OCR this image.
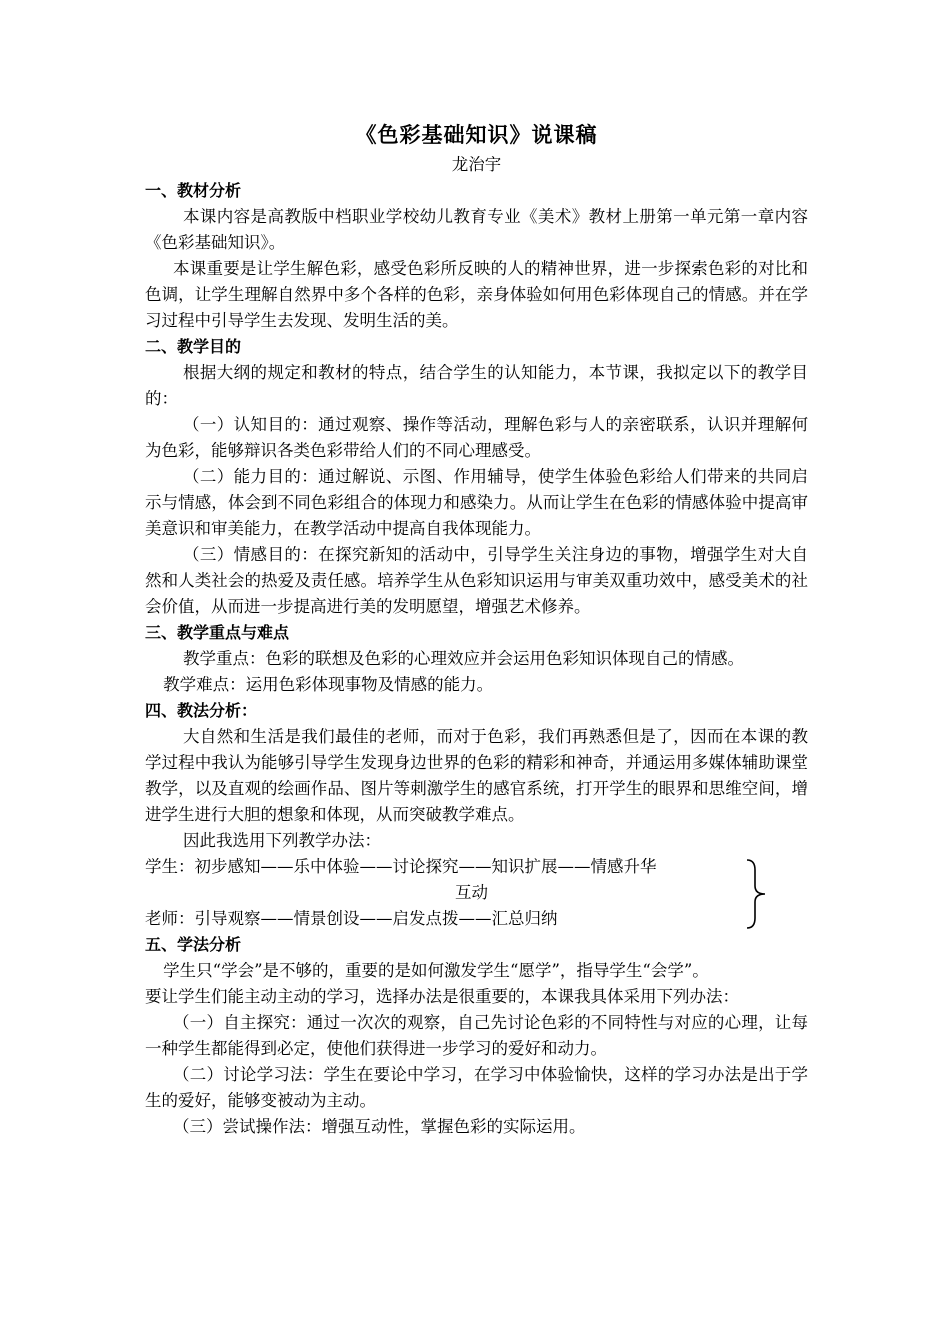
《色彩基础知识》说课稿
龙治宇
一、教材分析

本课内容是高教版中档职业学校幼儿教育专业《美术》教材上册第一单元第一章内容《色彩基础知识》。

本课重要是让学生解色彩，感受色彩所反映的人的精神世界，进一步探索色彩的对比和色调，让学生理解自然界中多个各样的色彩，亲身体验如何用色彩体现自己的情感。并在学习过程中引导学生去发现、发明生活的美。

二、教学目的

根据大纲的规定和教材的特点，结合学生的认知能力，本节课，我拟定以下的教学目的：

（一）认知目的：通过观察、操作等活动，理解色彩与人的亲密联系，认识并理解何为色彩，能够辩识各类色彩带给人们的不同心理感受。

（二）能力目的：通过解说、示图、作用辅导，使学生体验色彩给人们带来的共同启示与情感，体会到不同色彩组合的体现力和感染力。从而让学生在色彩的情感体验中提高审美意识和审美能力，在教学活动中提高自我体现能力。

（三）情感目的：在探究新知的活动中，引导学生关注身边的事物，增强学生对大自然和人类社会的热爱及责任感。培养学生从色彩知识运用与审美双重功效中，感受美术的社会价值，从而进一步提高进行美的发明愿望，增强艺术修养。

三、教学重点与难点

教学重点：色彩的联想及色彩的心理效应并会运用色彩知识体现自己的情感。

教学难点：运用色彩体现事物及情感的能力。

四、教法分析：

大自然和生活是我们最佳的老师，而对于色彩，我们再熟悉但是了，因而在本课的教学过程中我认为能够引导学生发现身边世界的色彩的精彩和神奇，并通运用多媒体辅助课堂教学，以及直观的绘画作品、图片等刺激学生的感官系统，打开学生的眼界和思维空间，增进学生进行大胆的想象和体现，从而突破教学难点。

因此我选用下列教学办法：

学生：初步感知——乐中体验——讨论探究——知识扩展——情感升华
互动
老师：引导观察——情景创设——启发点拨——汇总归纳
五、学法分析

学生只“学会”是不够的，重要的是如何激发学生“愿学”，指导学生“会学”。

要让学生们能主动主动的学习，选择办法是很重要的，本课我具体采用下列办法：

（一）自主探究：通过一次次的观察，自己先讨论色彩的不同特性与对应的心理，让每一种学生都能得到必定，使他们获得进一步学习的爱好和动力。

（二）讨论学习法：学生在要论中学习，在学习中体验愉快，这样的学习办法是出于学生的爱好，能够变被动为主动。

（三）尝试操作法：增强互动性，掌握色彩的实际运用。
